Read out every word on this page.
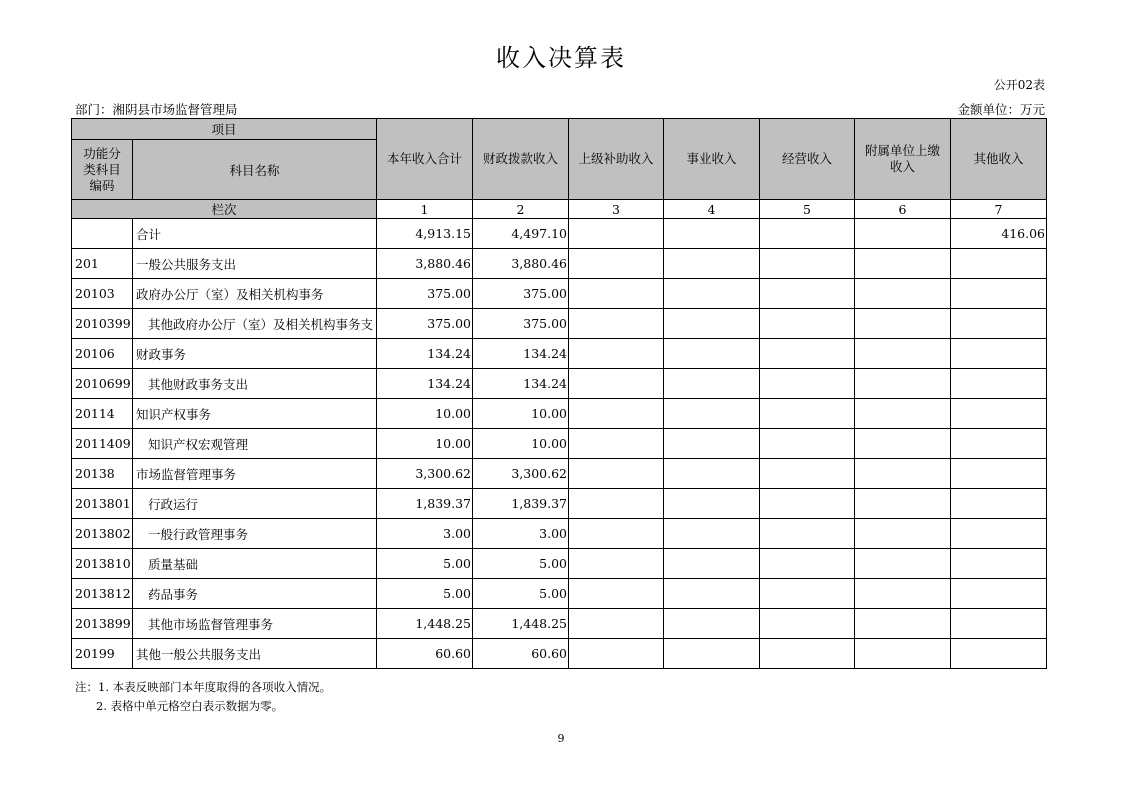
收入决算表
公开02表
部门：湘阴县市场监督管理局	金额单位：万元
项目		本年收入合计	财政拨款收入	上级补助收入	事业收入	经营收入	附属单位上缴收入	其他收入
功能分类科目编码	科目名称							
栏次		1	2	3	4	5	6	7
	合计	4,913.15	4,497.10					416.06
201	一般公共服务支出	3,880.46	3,880.46					
20103	政府办公厅（室）及相关机构事务	375.00	375.00					
2010399	其他政府办公厅（室）及相关机构事务支	375.00	375.00					
20106	财政事务	134.24	134.24					
2010699	其他财政事务支出	134.24	134.24					
20114	知识产权事务	10.00	10.00					
2011409	知识产权宏观管理	10.00	10.00					
20138	市场监督管理事务	3,300.62	3,300.62					
2013801	行政运行	1,839.37	1,839.37					
2013802	一般行政管理事务	3.00	3.00					
2013810	质量基础	5.00	5.00					
2013812	药品事务	5.00	5.00					
2013899	其他市场监督管理事务	1,448.25	1,448.25					
20199	其他一般公共服务支出	60.60	60.60					
注：1. 本表反映部门本年度取得的各项收入情况。
2. 表格中单元格空白表示数据为零。
9
